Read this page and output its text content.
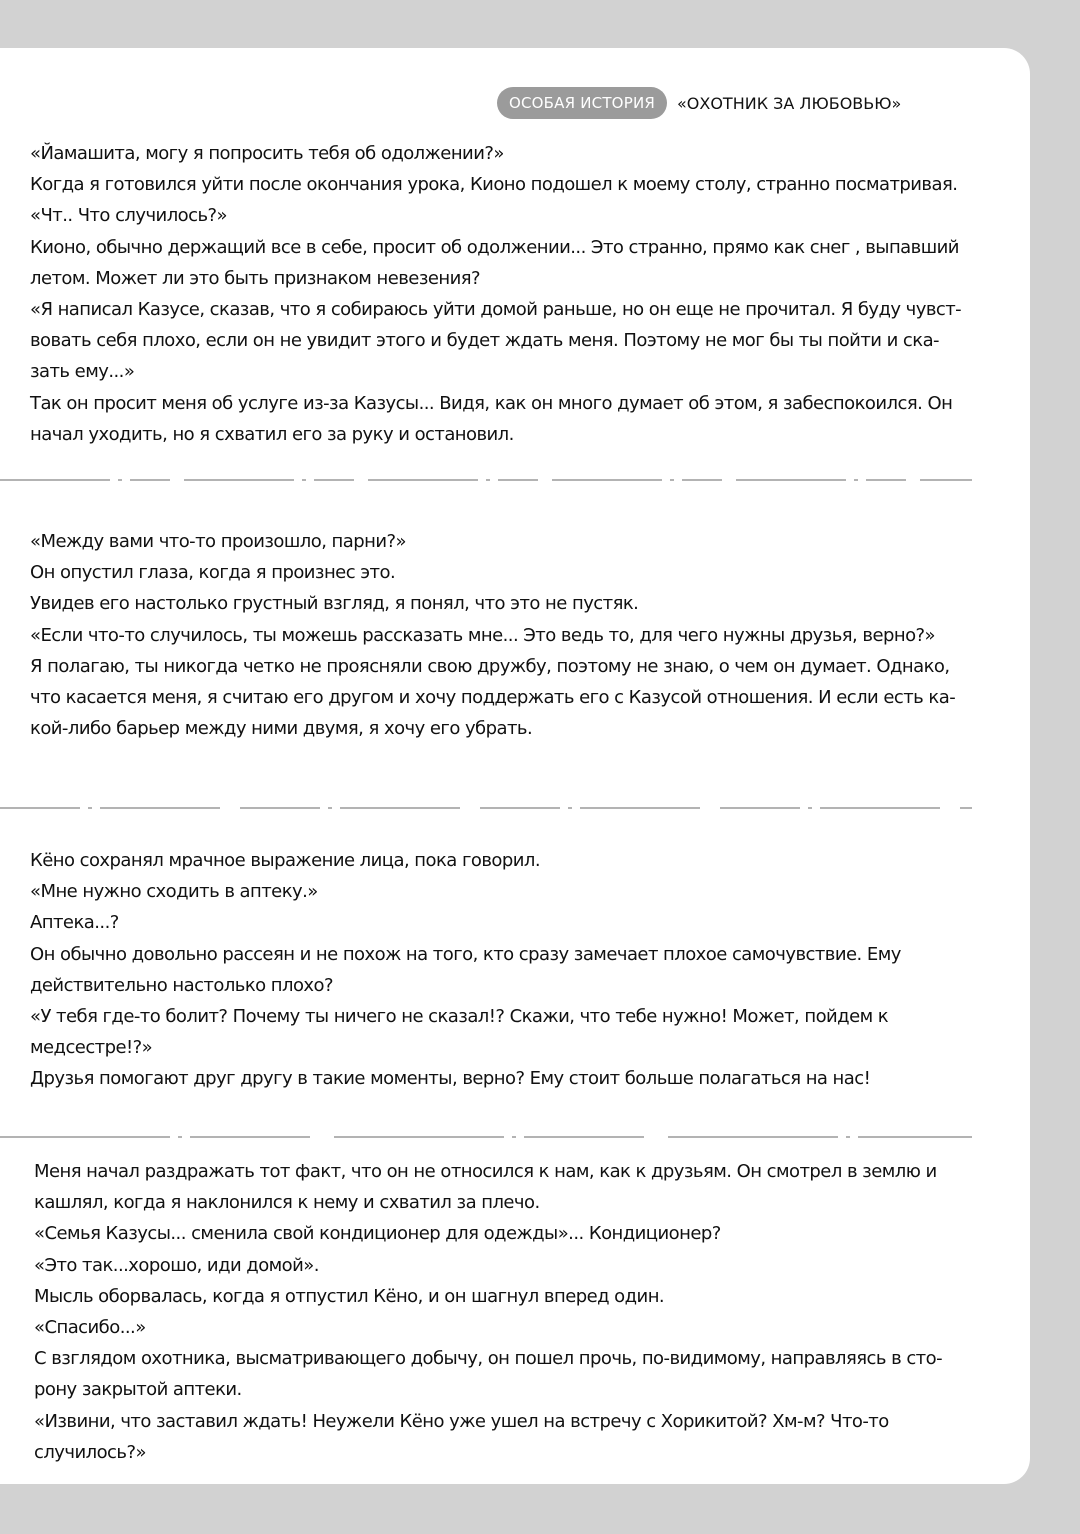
ОСОБАЯ ИСТОРИЯ	«ОХОТНИК ЗА ЛЮБОВЬЮ»

«Йамашита, могу я попросить тебя об одолжении?»

Когда я готовился уйти после окончания урока, Кионо подошел к моему столу, странно посматривая.

«Чт.. Что случилось?»

Кионо, обычно держащий все в себе, просит об одолжении... Это странно, прямо как снег , выпавший

летом. Может ли это быть признаком невезения?

«Я написал Казусе, сказав, что я собираюсь уйти домой раньше, но он еще не прочитал. Я буду чувст-

вовать себя плохо, если он не увидит этого и будет ждать меня. Поэтому не мог бы ты пойти и ска-

зать ему...»

Так он просит меня об услуге из-за Казусы... Видя, как он много думает об этом, я забеспокоился. Он

начал уходить, но я схватил его за руку и остановил.

«Между вами что-то произошло, парни?»

Он опустил глаза, когда я произнес это.

Увидев его настолько грустный взгляд, я понял, что это не пустяк.

«Если что-то случилось, ты можешь рассказать мне... Это ведь то, для чего нужны друзья, верно?»

Я полагаю, ты никогда четко не проясняли свою дружбу, поэтому не знаю, о чем он думает. Однако,

что касается меня, я считаю его другом и хочу поддержать его с Казусой отношения. И если есть ка-

кой-либо барьер между ними двумя, я хочу его убрать.

Кёно сохранял мрачное выражение лица, пока говорил.

«Мне нужно сходить в аптеку.»

Аптека...?

Он обычно довольно рассеян и не похож на того, кто сразу замечает плохое самочувствие. Ему

действительно настолько плохо?

«У тебя где-то болит? Почему ты ничего не сказал!? Скажи, что тебе нужно! Может, пойдем к

медсестре!?»

Друзья помогают друг другу в такие моменты, верно? Ему стоит больше полагаться на нас!

Меня начал раздражать тот факт, что он не относился к нам, как к друзьям. Он смотрел в землю и

кашлял, когда я наклонился к нему и схватил за плечо.

«Семья Казусы... сменила свой кондиционер для одежды»... Кондиционер?

«Это так...хорошо, иди домой».

Мысль оборвалась, когда я отпустил Кёно, и он шагнул вперед один.

«Спасибо...»

С взглядом охотника, высматривающего добычу, он пошел прочь, по-видимому, направляясь в сто-

рону закрытой аптеки.

«Извини, что заставил ждать! Неужели Кёно уже ушел на встречу с Хорикитой? Хм-м? Что-то

случилось?»
